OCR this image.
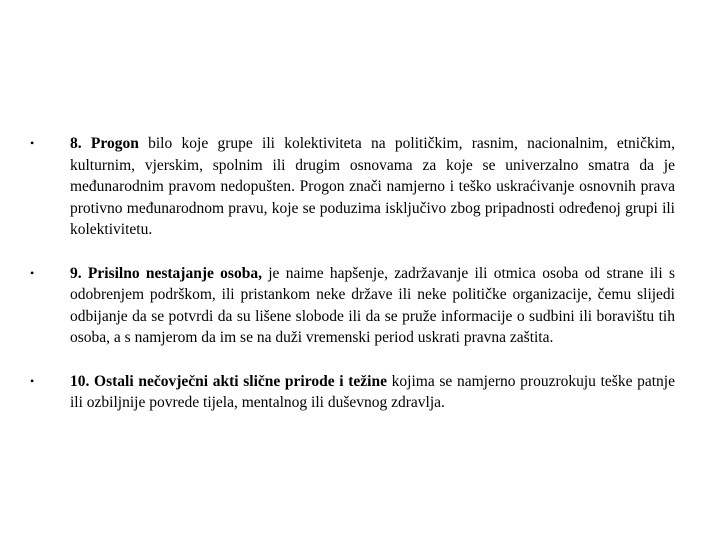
• 8. Progon bilo koje grupe ili kolektiviteta na političkim, rasnim, nacionalnim, etničkim, kulturnim, vjerskim, spolnim ili drugim osnovama za koje se univerzalno smatra da je međunarodnim pravom nedopušten. Progon znači namjerno i teško uskraćivanje osnovnih prava protivno međunarodnom pravu, koje se poduzima isključivo zbog pripadnosti određenoj grupi ili kolektivitetu.
• 9. Prisilno nestajanje osoba, je naime hapšenje, zadržavanje ili otmica osoba od strane ili s odobrenjem podrškom, ili pristankom neke države ili neke političke organizacije, čemu slijedi odbijanje da se potvrdi da su lišene slobode ili da se pruže informacije o sudbini ili boravištu tih osoba, a s namjerom da im se na duži vremenski period uskrati pravna zaštita.
• 10. Ostali nečovječni akti slične prirode i težine kojima se namjerno prouzrokuju teške patnje ili ozbiljnije povrede tijela, mentalnog ili duševnog zdravlja.
